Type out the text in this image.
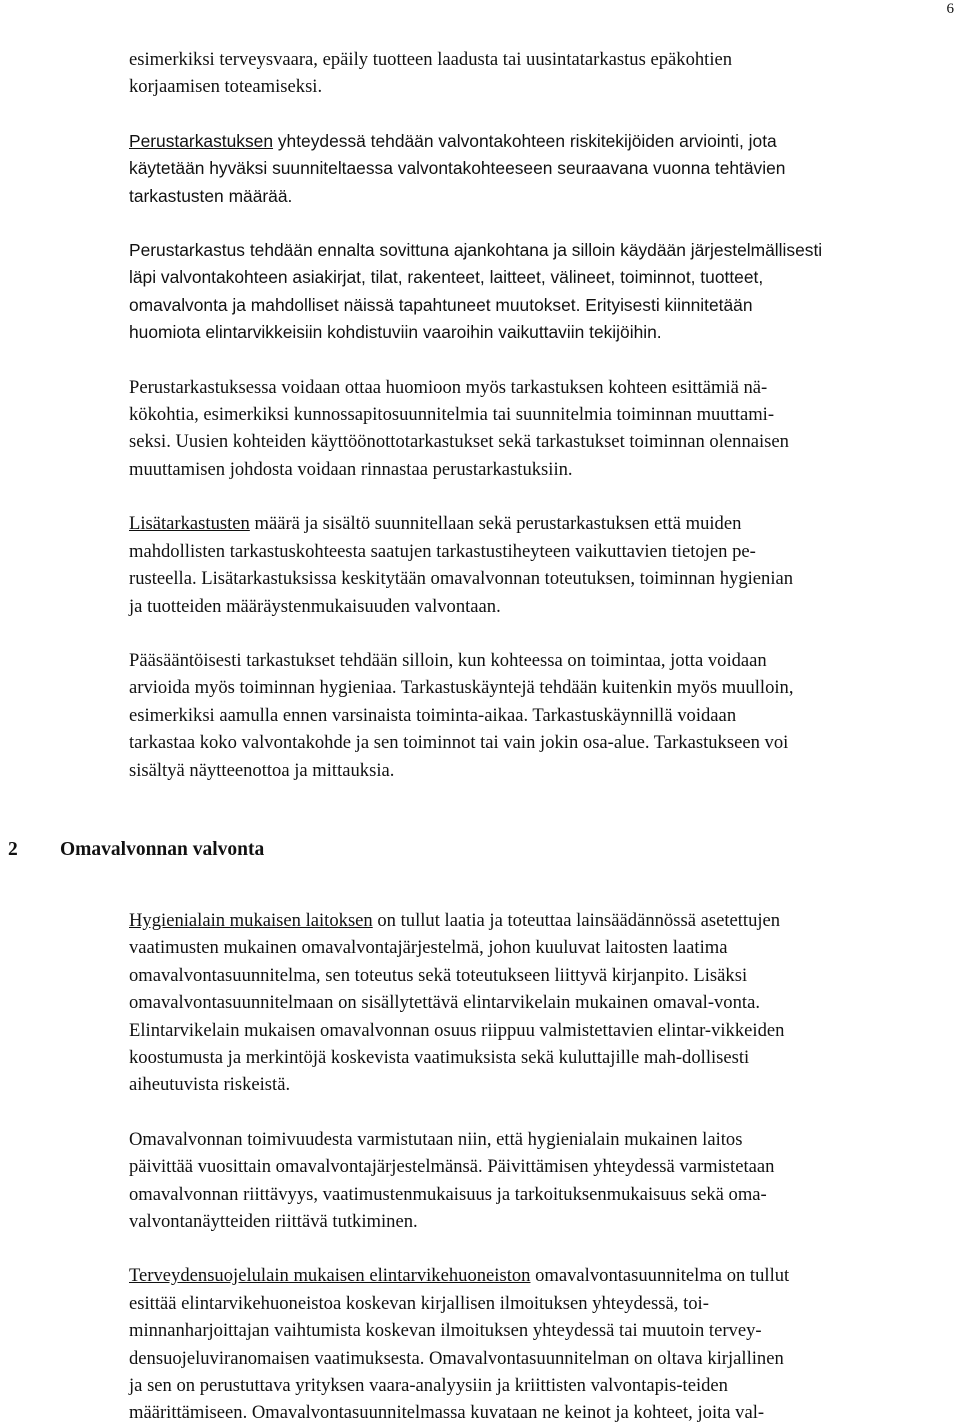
6

esimerkiksi terveysvaara, epäily tuotteen laadusta tai uusintatarkastus epäkohtien

korjaamisen toteamiseksi.

Perustarkastuksen yhteydessä tehdään valvontakohteen riskitekijöiden arviointi, jota

käytetään hyväksi suunniteltaessa valvontakohteeseen seuraavana vuonna tehtävien

tarkastusten määrää.

Perustarkastus tehdään ennalta sovittuna ajankohtana ja silloin käydään järjestelmällisesti

läpi valvontakohteen asiakirjat, tilat, rakenteet, laitteet, välineet, toiminnot, tuotteet,

omavalvonta ja mahdolliset näissä tapahtuneet muutokset. Erityisesti kiinnitetään

huomiota elintarvikkeisiin kohdistuviin vaaroihin vaikuttaviin tekijöihin.

Perustarkastuksessa voidaan ottaa huomioon myös tarkastuksen kohteen esittämiä nä-

kökohtia, esimerkiksi kunnossapitosuunnitelmia tai suunnitelmia toiminnan muuttami-

seksi. Uusien kohteiden käyttöönottotarkastukset sekä tarkastukset toiminnan olennaisen

muuttamisen johdosta voidaan rinnastaa perustarkastuksiin.

Lisätarkastusten määrä ja sisältö suunnitellaan sekä perustarkastuksen että muiden

mahdollisten tarkastuskohteesta saatujen tarkastustiheyteen vaikuttavien tietojen pe-

rusteella. Lisätarkastuksissa keskitytään omavalvonnan toteutuksen, toiminnan hygienian

ja tuotteiden määräystenmukaisuuden valvontaan.

Pääsääntöisesti tarkastukset tehdään silloin, kun kohteessa on toimintaa, jotta voidaan

arvioida myös toiminnan hygieniaa. Tarkastuskäyntejä tehdään kuitenkin myös muulloin,

esimerkiksi aamulla ennen varsinaista toiminta-aikaa. Tarkastuskäynnillä voidaan

tarkastaa koko valvontakohde ja sen toiminnot tai vain jokin osa-alue. Tarkastukseen voi

sisältyä näytteenottoa ja mittauksia.

2 Omavalvonnan valvonta

Hygienialain mukaisen laitoksen on tullut laatia ja toteuttaa lainsäädännössä asetettujen

vaatimusten mukainen omavalvontajärjestelmä, johon kuuluvat laitosten laatima

omavalvontasuunnitelma, sen toteutus sekä toteutukseen liittyvä kirjanpito. Lisäksi

omavalvontasuunnitelmaan on sisällytettävä elintarvikelain mukainen omaval-vonta.

Elintarvikelain mukaisen omavalvonnan osuus riippuu valmistettavien elintar-vikkeiden

koostumusta ja merkintöjä koskevista vaatimuksista sekä kuluttajille mah-dollisesti

aiheutuvista riskeistä.

Omavalvonnan toimivuudesta varmistutaan niin, että hygienialain mukainen laitos

päivittää vuosittain omavalvontajärjestelmänsä. Päivittämisen yhteydessä varmistetaan

omavalvonnan riittävyys, vaatimustenmukaisuus ja tarkoituksenmukaisuus sekä oma-

valvontanäytteiden riittävä tutkiminen.

Terveydensuojelulain mukaisen elintarvikehuoneiston omavalvontasuunnitelma on tullut

esittää elintarvikehuoneistoa koskevan kirjallisen ilmoituksen yhteydessä, toi-

minnanharjoittajan vaihtumista koskevan ilmoituksen yhteydessä tai muutoin tervey-

densuojeluviranomaisen vaatimuksesta. Omavalvontasuunnitelman on oltava kirjallinen

ja sen on perustuttava yrityksen vaara-analyysiin ja kriittisten valvontapis-teiden

määrittämiseen. Omavalvontasuunnitelmassa kuvataan ne keinot ja kohteet, joita val-
